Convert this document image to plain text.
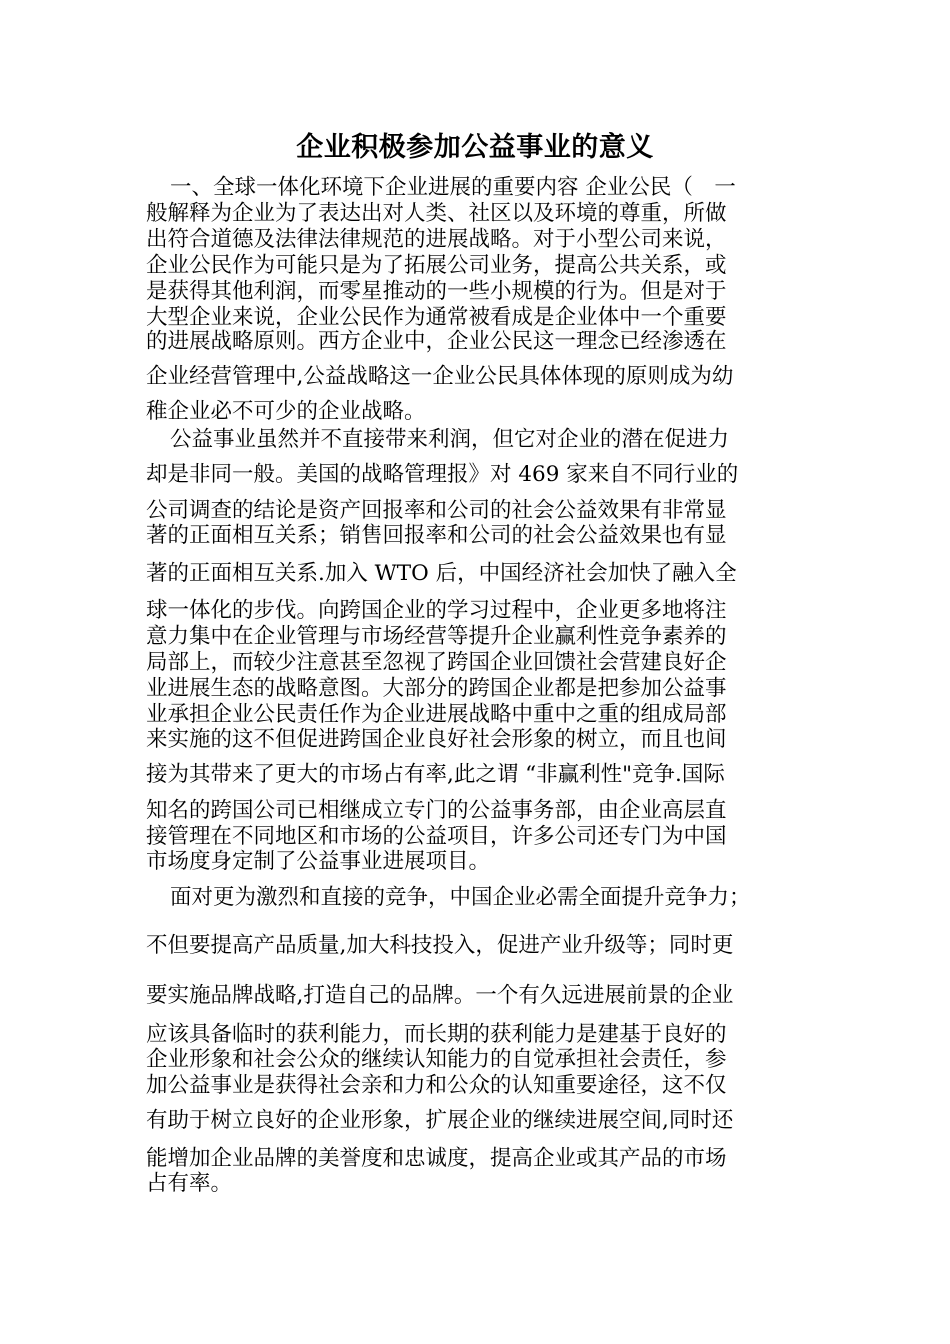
企业积极参加公益事业的意义

一、全球一体化环境下企业进展的重要内容 企业公民（　一

般解释为企业为了表达出对人类、社区以及环境的尊重，所做

出符合道德及法律法律规范的进展战略。对于小型公司来说，

企业公民作为可能只是为了拓展公司业务，提高公共关系，或

是获得其他利润，而零星推动的一些小规模的行为。但是对于

大型企业来说，企业公民作为通常被看成是企业体中一个重要

的进展战略原则。西方企业中，企业公民这一理念已经渗透在

企业经营管理中,公益战略这一企业公民具体体现的原则成为幼

稚企业必不可少的企业战略。

公益事业虽然并不直接带来利润，但它对企业的潜在促进力

却是非同一般。美国的战略管理报》对 469 家来自不同行业的

公司调查的结论是资产回报率和公司的社会公益效果有非常显

著的正面相互关系；销售回报率和公司的社会公益效果也有显

著的正面相互关系.加入 WTO 后，中国经济社会加快了融入全

球一体化的步伐。向跨国企业的学习过程中，企业更多地将注

意力集中在企业管理与市场经营等提升企业赢利性竞争素养的

局部上，而较少注意甚至忽视了跨国企业回馈社会营建良好企

业进展生态的战略意图。大部分的跨国企业都是把参加公益事

业承担企业公民责任作为企业进展战略中重中之重的组成局部

来实施的这不但促进跨国企业良好社会形象的树立，而且也间

接为其带来了更大的市场占有率,此之谓 “非赢利性"竞争.国际

知名的跨国公司已相继成立专门的公益事务部，由企业高层直

接管理在不同地区和市场的公益项目，许多公司还专门为中国

市场度身定制了公益事业进展项目。

面对更为激烈和直接的竞争，中国企业必需全面提升竞争力；

不但要提高产品质量,加大科技投入，促进产业升级等；同时更

要实施品牌战略,打造自己的品牌。一个有久远进展前景的企业

应该具备临时的获利能力，而长期的获利能力是建基于良好的

企业形象和社会公众的继续认知能力的自觉承担社会责任，参

加公益事业是获得社会亲和力和公众的认知重要途径，这不仅

有助于树立良好的企业形象，扩展企业的继续进展空间,同时还

能增加企业品牌的美誉度和忠诚度，提高企业或其产品的市场

占有率。
